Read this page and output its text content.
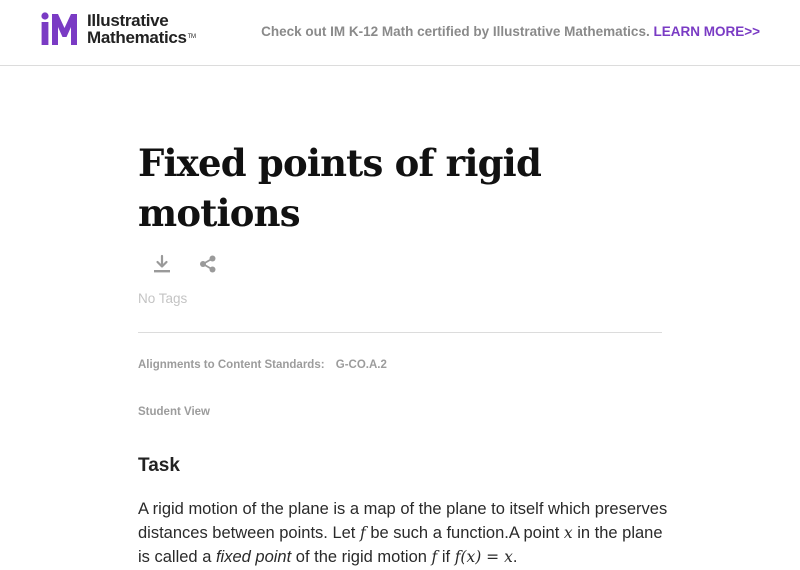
Illustrative
Mathematics™	Check out IM K-12 Math certified by Illustrative Mathematics. LEARN MORE>>
Fixed points of rigid motions
No Tags
Alignments to Content Standards: G-CO.A.2
Student View
Task

A rigid motion of the plane is a map of the plane to itself which preserves distances between points. Let f be such a function.A point x in the plane is called a fixed point of the rigid motion f if f(x) = x.
